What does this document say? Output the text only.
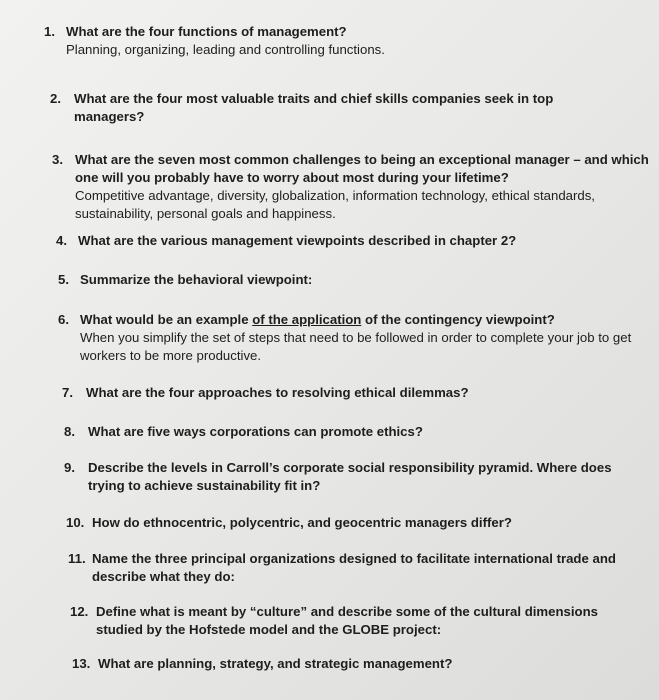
1. What are the four functions of management?
Planning, organizing, leading and controlling functions.
2. What are the four most valuable traits and chief skills companies seek in top managers?
3. What are the seven most common challenges to being an exceptional manager – and which one will you probably have to worry about most during your lifetime?
Competitive advantage, diversity, globalization, information technology, ethical standards, sustainability, personal goals and happiness.
4. What are the various management viewpoints described in chapter 2?
5. Summarize the behavioral viewpoint:
6. What would be an example of the application of the contingency viewpoint?
When you simplify the set of steps that need to be followed in order to complete your job to get workers to be more productive.
7. What are the four approaches to resolving ethical dilemmas?
8. What are five ways corporations can promote ethics?
9. Describe the levels in Carroll’s corporate social responsibility pyramid. Where does trying to achieve sustainability fit in?
10. How do ethnocentric, polycentric, and geocentric managers differ?
11. Name the three principal organizations designed to facilitate international trade and describe what they do:
12. Define what is meant by “culture” and describe some of the cultural dimensions studied by the Hofstede model and the GLOBE project:
13. What are planning, strategy, and strategic management?
